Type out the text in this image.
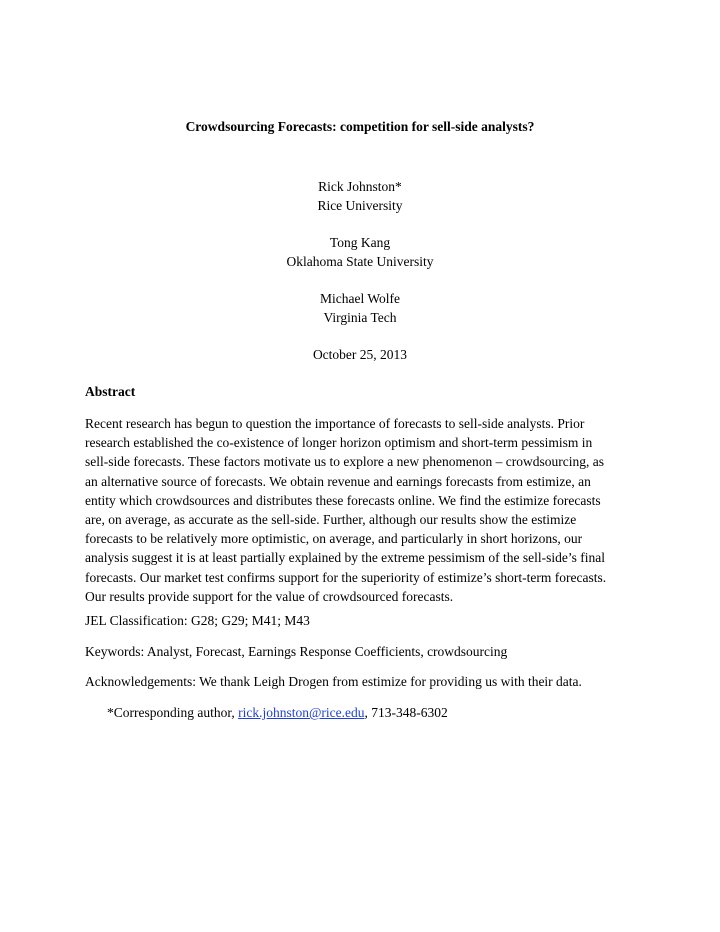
Crowdsourcing Forecasts: competition for sell-side analysts?
Rick Johnston*
Rice University
Tong Kang
Oklahoma State University
Michael Wolfe
Virginia Tech
October 25, 2013
Abstract
Recent research has begun to question the importance of forecasts to sell-side analysts. Prior
research established the co-existence of longer horizon optimism and short-term pessimism in
sell-side forecasts. These factors motivate us to explore a new phenomenon – crowdsourcing, as
an alternative source of forecasts. We obtain revenue and earnings forecasts from estimize, an
entity which crowdsources and distributes these forecasts online. We find the estimize forecasts
are, on average, as accurate as the sell-side. Further, although our results show the estimize
forecasts to be relatively more optimistic, on average, and particularly in short horizons, our
analysis suggest it is at least partially explained by the extreme pessimism of the sell-side’s final
forecasts. Our market test confirms support for the superiority of estimize’s short-term forecasts.
Our results provide support for the value of crowdsourced forecasts.
JEL Classification: G28; G29; M41; M43
Keywords: Analyst, Forecast, Earnings Response Coefficients, crowdsourcing
Acknowledgements: We thank Leigh Drogen from estimize for providing us with their data.
*Corresponding author, rick.johnston@rice.edu, 713-348-6302
